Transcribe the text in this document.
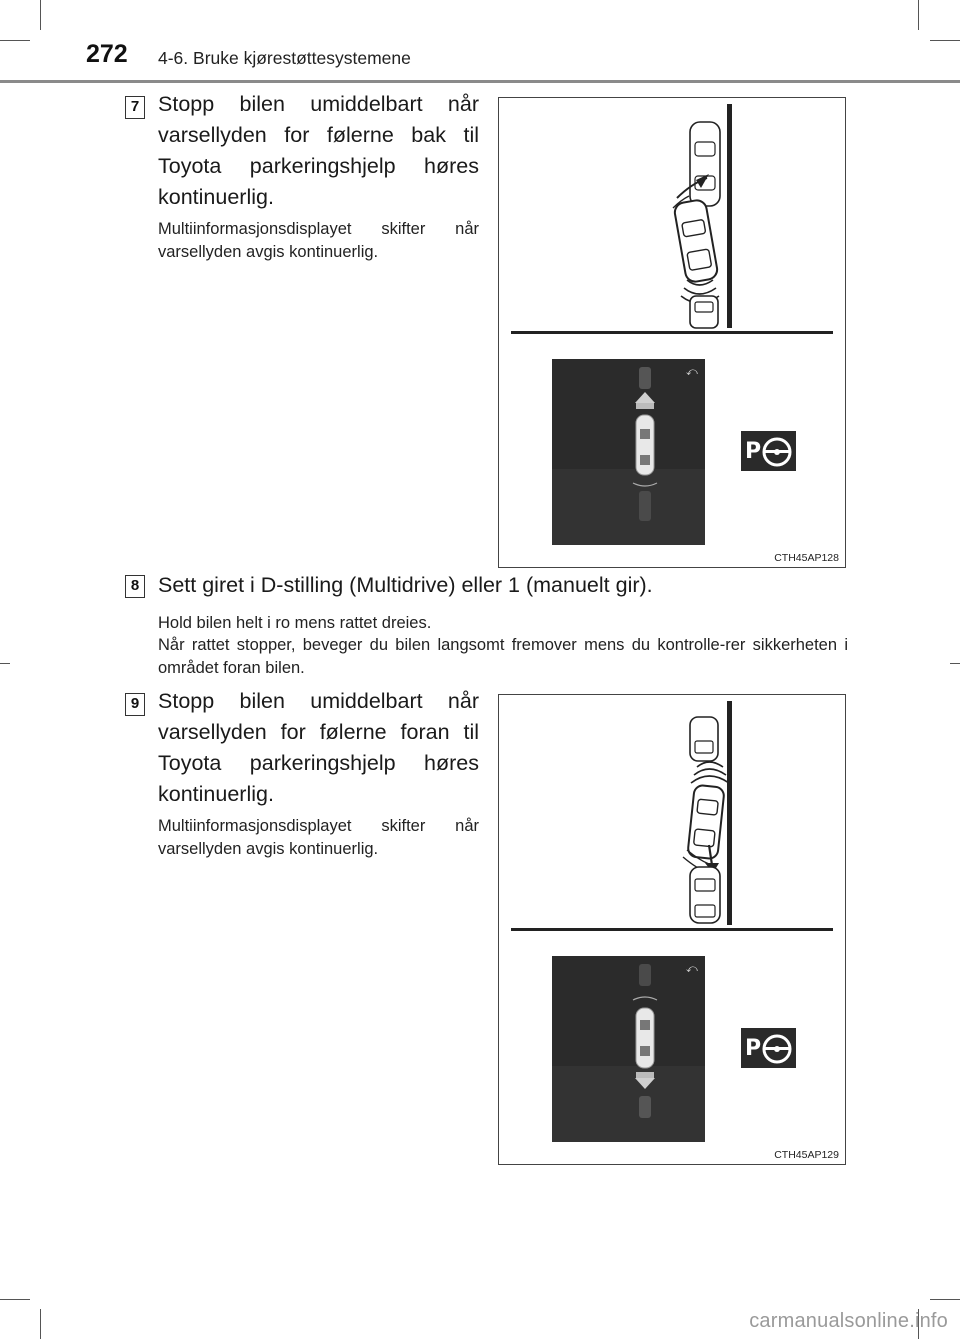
272 4-6. Bruke kjørestøttesystemene
7 Stopp bilen umiddelbart når varsellyden for følerne bak til Toyota parkeringshjelp høres kontinuerlig.
Multiinformasjonsdisplayet skifter når varsellyden avgis kontinuerlig.
⤺
P
CTH45AP128
8 Sett giret i D-stilling (Multidrive) eller 1 (manuelt gir).
Hold bilen helt i ro mens rattet dreies.
Når rattet stopper, beveger du bilen langsomt fremover mens du kontrolle-rer sikkerheten i området foran bilen.
9 Stopp bilen umiddelbart når varsellyden for følerne foran til Toyota parkeringshjelp høres kontinuerlig.
Multiinformasjonsdisplayet skifter når varsellyden avgis kontinuerlig.
⤺
P
CTH45AP129
carmanualsonline.info
